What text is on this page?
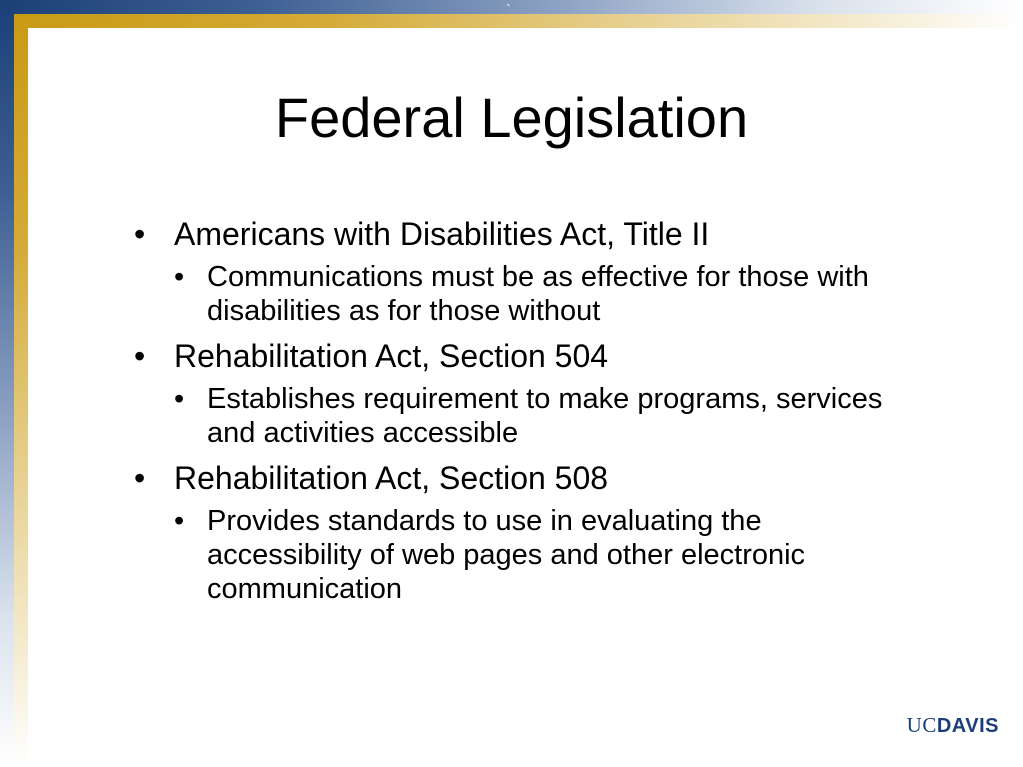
`
Federal Legislation
• Americans with Disabilities Act, Title II
• Communications must be as effective for those with disabilities as for those without
• Rehabilitation Act, Section 504
• Establishes requirement to make programs, services and activities accessible
• Rehabilitation Act, Section 508
• Provides standards to use in evaluating the accessibility of web pages and other electronic communication
UCDAVIS
